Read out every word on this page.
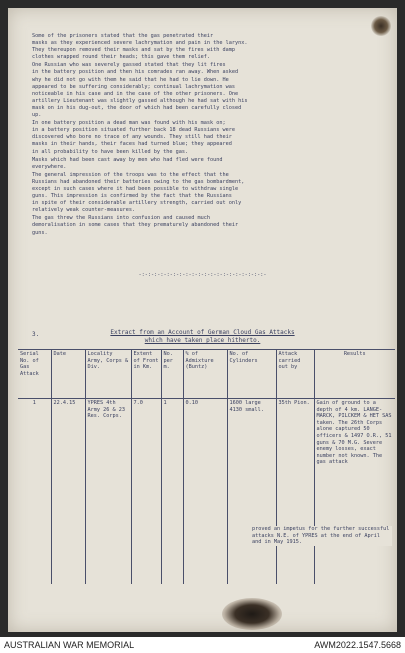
Some of the prisoners stated that the gas penetrated their
masks as they experienced severe lachrymation and pain in the larynx.
They thereupon removed their masks and sat by the fires with damp
clothes wrapped round their heads; this gave them relief.

One Russian who was severely gassed stated that they lit fires
in the battery position and then his comrades ran away. When asked
why he did not go with them he said that he had to lie down. He
appeared to be suffering considerably; continual lachrymation was
noticeable in his case and in the case of the other prisoners. One
artillery Lieutenant was slightly gassed although he had sat with his
mask on in his dug-out, the door of which had been carefully closed
up.

In one battery position a dead man was found with his mask on;
in a battery position situated further back 18 dead Russians were
discovered who bore no trace of any wounds. They still had their
masks in their hands, their faces had turned blue; they appeared
in all probability to have been killed by the gas.

Masks which had been cast away by men who had fled were found
everywhere.

The general impression of the troops was to the effect that the
Russians had abandoned their batteries owing to the gas bombardment,
except in such cases where it had been possible to withdraw single
guns. This impression is confirmed by the fact that the Russians
in spite of their considerable artillery strength, carried out only
relatively weak counter-measures.

The gas threw the Russians into confusion and caused much
demoralisation in some cases that they prematurely abandoned their
guns.

-:-:-:-:-:-:-:-:-:-:-:-:-:-:-:-:-:-:-:-:-
3.	Extract from an Account of German Cloud Gas Attacks
which have taken place hitherto.
Serial No. of Gas Attack	Date	Locality Army, Corps & Div.	Extent of Front in Km.	No. per m.	% of Admixture (Buntz)	No. of Cylinders	Attack carried out by	Results
1	22.4.15	YPRES 4th Army 26 & 23 Res. Corps.	7.0	1	0.10	1600 large 4130 small.	35th Pion.	Gain of ground to a depth of 4 km. LANGE-MARCK, PILCKEM & HET SAS taken. The 26th Corps alone captured 50 officers & 1497 O.R., 51 guns & 70 M.G. Severe enemy losses, exact number not known. The gas attack
proved an impetus for the further successful attacks N.E. of YPRES at the end of April and in May 1915.
AUSTRALIAN WAR MEMORIAL	AWM2022.1547.5668
